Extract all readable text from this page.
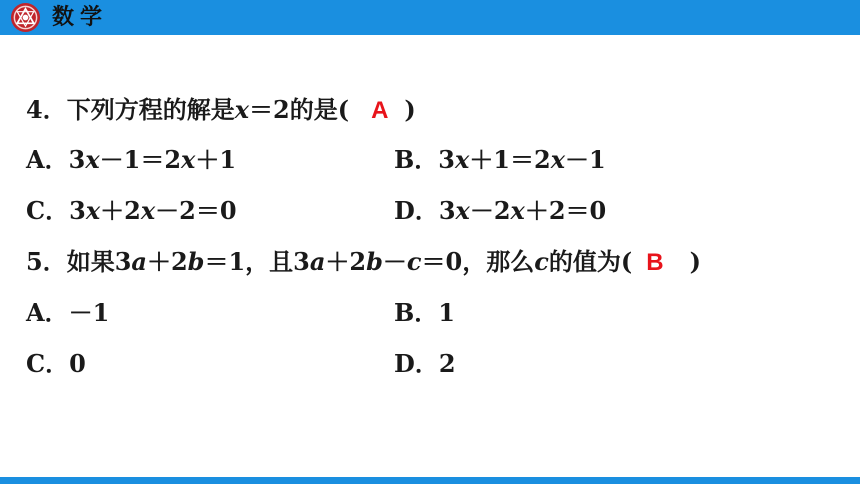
数学
4．下列方程的解是x＝2的是( A )
A．3x－1＝2x＋1	B．3x＋1＝2x－1
C．3x＋2x－2＝0	D．3x－2x＋2＝0
5．如果3a＋2b＝1，且3a＋2b－c＝0，那么c的值为( B )
A．－1	B．1
C．0	D．2
